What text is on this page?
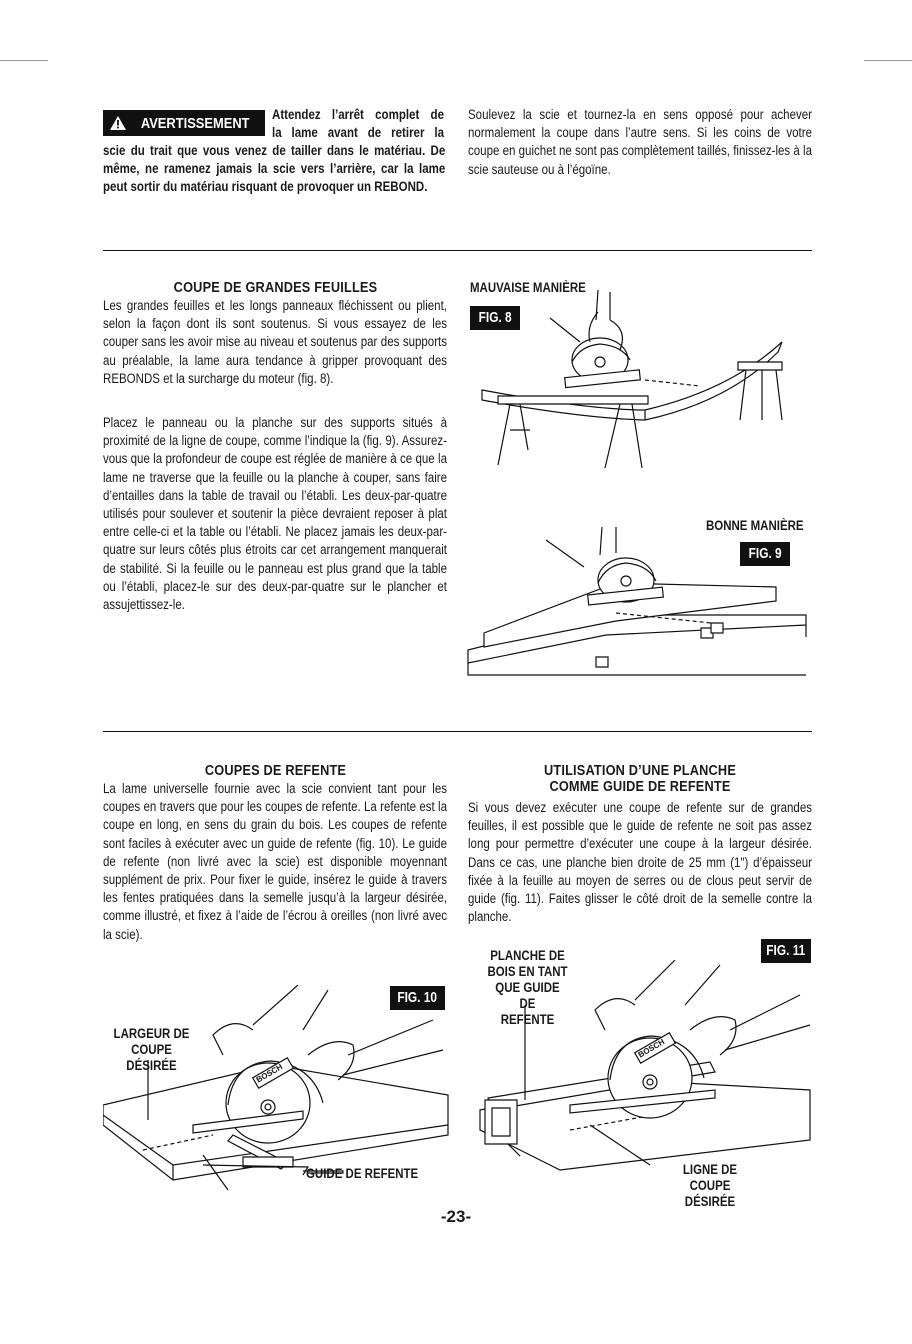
AVERTISSEMENT Attendez l’arrêt complet de

la lame avant de retirer la

scie du trait que vous venez de tailler dans le matériau. De même, ne ramenez jamais la scie vers l’arrière, car la lame peut sortir du matériau risquant de provoquer un REBOND.

Soulevez la scie et tournez-la en sens opposé pour achever normalement la coupe dans l’autre sens. Si les coins de votre coupe en guichet ne sont pas complètement taillés, finissez-les à la scie sauteuse ou à l’égoïne.

COUPE DE GRANDES FEUILLES

Les grandes feuilles et les longs panneaux fléchissent ou plient, selon la façon dont ils sont soutenus. Si vous essayez de les couper sans les avoir mise au niveau et soutenus par des supports au préalable, la lame aura tendance à gripper provoquant des REBONDS et la surcharge du moteur (fig. 8).

Placez le panneau ou la planche sur des supports situés à proximité de la ligne de coupe, comme l’indique la (fig. 9). Assurez-vous que la profondeur de coupe est réglée de manière à ce que la lame ne traverse que la feuille ou la planche à couper, sans faire d’entailles dans la table de travail ou l’établi. Les deux-par-quatre utilisés pour soulever et soutenir la pièce devraient reposer à plat entre celle-ci et la table ou l’établi. Ne placez jamais les deux-par-quatre sur leurs côtés plus étroits car cet arrangement manquerait de stabilité. Si la feuille ou le panneau est plus grand que la table ou l’établi, placez-le sur des deux-par-quatre sur le plancher et assujettissez-le.

MAUVAISE MANIÈRE
FIG. 8
BONNE MANIÈRE
FIG. 9

COUPES DE REFENTE

La lame universelle fournie avec la scie convient tant pour les coupes en travers que pour les coupes de refente. La refente est la coupe en long, en sens du grain du bois. Les coupes de refente sont faciles à exécuter avec un guide de refente (fig. 10). Le guide de refente (non livré avec la scie) est disponible moyennant supplément de prix. Pour fixer le guide, insérez le guide à travers les fentes pratiquées dans la semelle jusqu’à la largeur désirée, comme illustré, et fixez à l’aide de l’écrou à oreilles (non livré avec la scie).

UTILISATION D’UNE PLANCHE

COMME GUIDE DE REFENTE

Si vous devez exécuter une coupe de refente sur de grandes feuilles, il est possible que le guide de refente ne soit pas assez long pour permettre d’exécuter une coupe à la largeur désirée. Dans ce cas, une planche bien droite de 25 mm (1") d’épaisseur fixée à la feuille au moyen de serres ou de clous peut servir de guide (fig. 11). Faites glisser le côté droit de la semelle contre la planche.

FIG. 10
LARGEUR DE
COUPE
DÉSIRÉE
GUIDE DE REFENTE
BOSCH
FIG. 11
PLANCHE DE
BOIS EN TANT
QUE GUIDE DE
REFENTE
LIGNE DE COUPE
DÉSIRÉE
BOSCH
-23-
